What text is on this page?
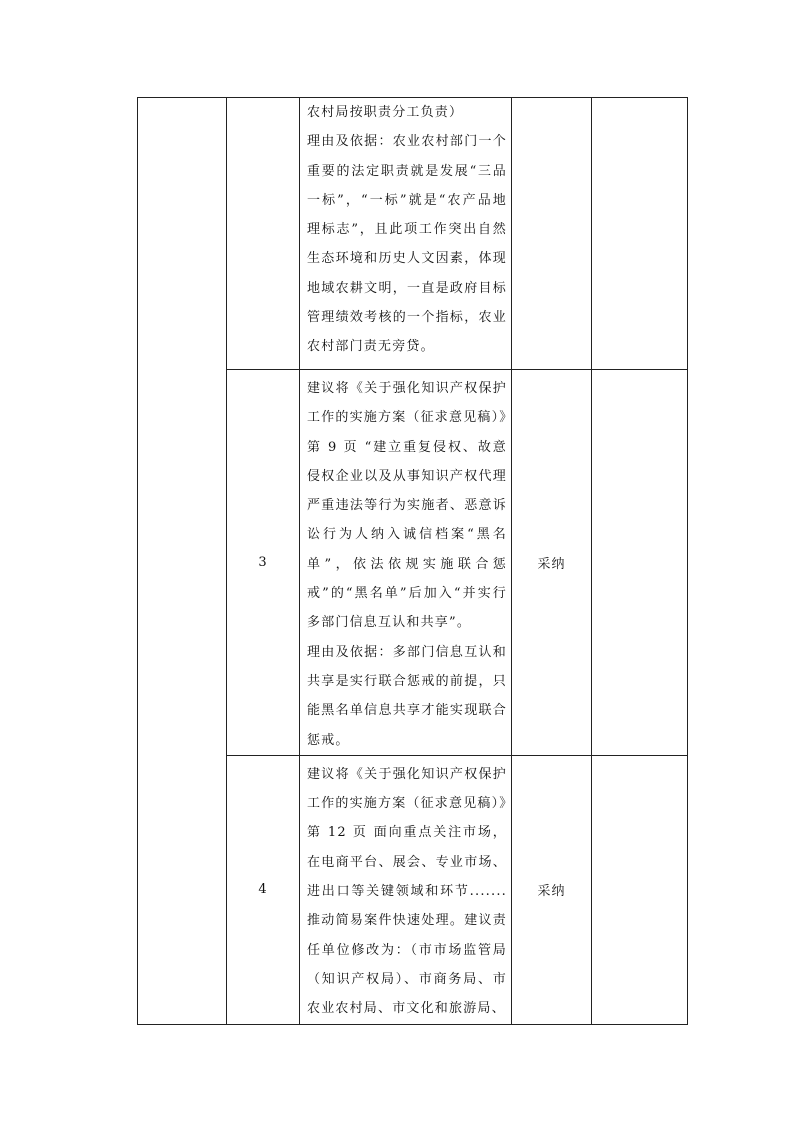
		农村局按职责分工负责）

理由及依据：农业农村部门一个重要的法定职责就是发展“三品一标”，“一标”就是“农产品地理标志”，且此项工作突出自然生态环境和历史人文因素，体现地域农耕文明，一直是政府目标管理绩效考核的一个指标，农业农村部门责无旁贷。		

	3	建议将《关于强化知识产权保护工作的实施方案（征求意见稿）》第 9 页 “建立重复侵权、故意侵权企业以及从事知识产权代理严重违法等行为实施者、恶意诉讼行为人纳入诚信档案“黑名单”，依法依规实施联合惩戒”的“黑名单”后加入“并实行多部门信息互认和共享”。

理由及依据：多部门信息互认和共享是实行联合惩戒的前提，只能黑名单信息共享才能实现联合惩戒。	采纳	
	4	建议将《关于强化知识产权保护工作的实施方案（征求意见稿）》第 12 页 面向重点关注市场，在电商平台、展会、专业市场、进出口等关键领域和环节.......推动简易案件快速处理。建议责任单位修改为：（市市场监管局（知识产权局）、市商务局、市农业农村局、市文化和旅游局、	采纳	
